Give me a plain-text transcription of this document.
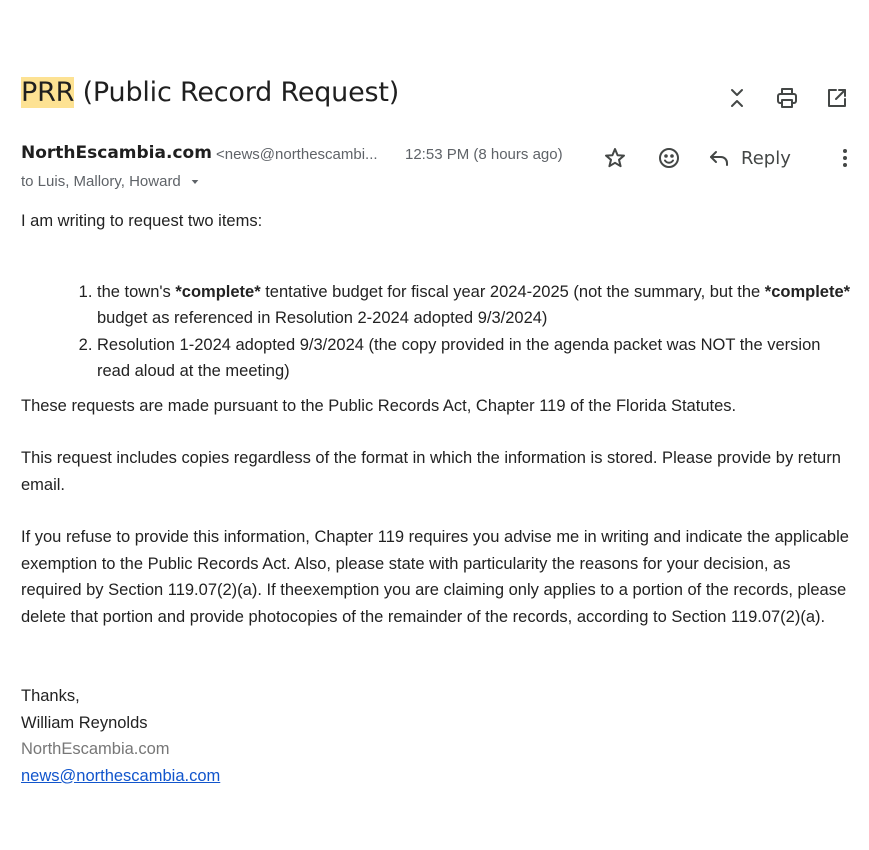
PRR (Public Record Request)
NorthEscambia.com <news@northescambi...	12:53 PM (8 hours ago)	Reply
to Luis, Mallory, Howard

I am writing to request two items:

1. the town's *complete* tentative budget for fiscal year 2024-2025 (not the summary, but the *complete* budget as referenced in Resolution 2-2024 adopted 9/3/2024)
2. Resolution 1-2024 adopted 9/3/2024 (the copy provided in the agenda packet was NOT the version read aloud at the meeting)

These requests are made pursuant to the Public Records Act, Chapter 119 of the Florida Statutes.

This request includes copies regardless of the format in which the information is stored. Please provide by return email.

If you refuse to provide this information, Chapter 119 requires you advise me in writing and indicate the applicable exemption to the Public Records Act. Also, please state with particularity the reasons for your decision, as required by Section 119.07(2)(a). If theexemption you are claiming only applies to a portion of the records, please delete that portion and provide photocopies of the remainder of the records, according to Section 119.07(2)(a).

Thanks,
William Reynolds
NorthEscambia.com
news@northescambia.com
